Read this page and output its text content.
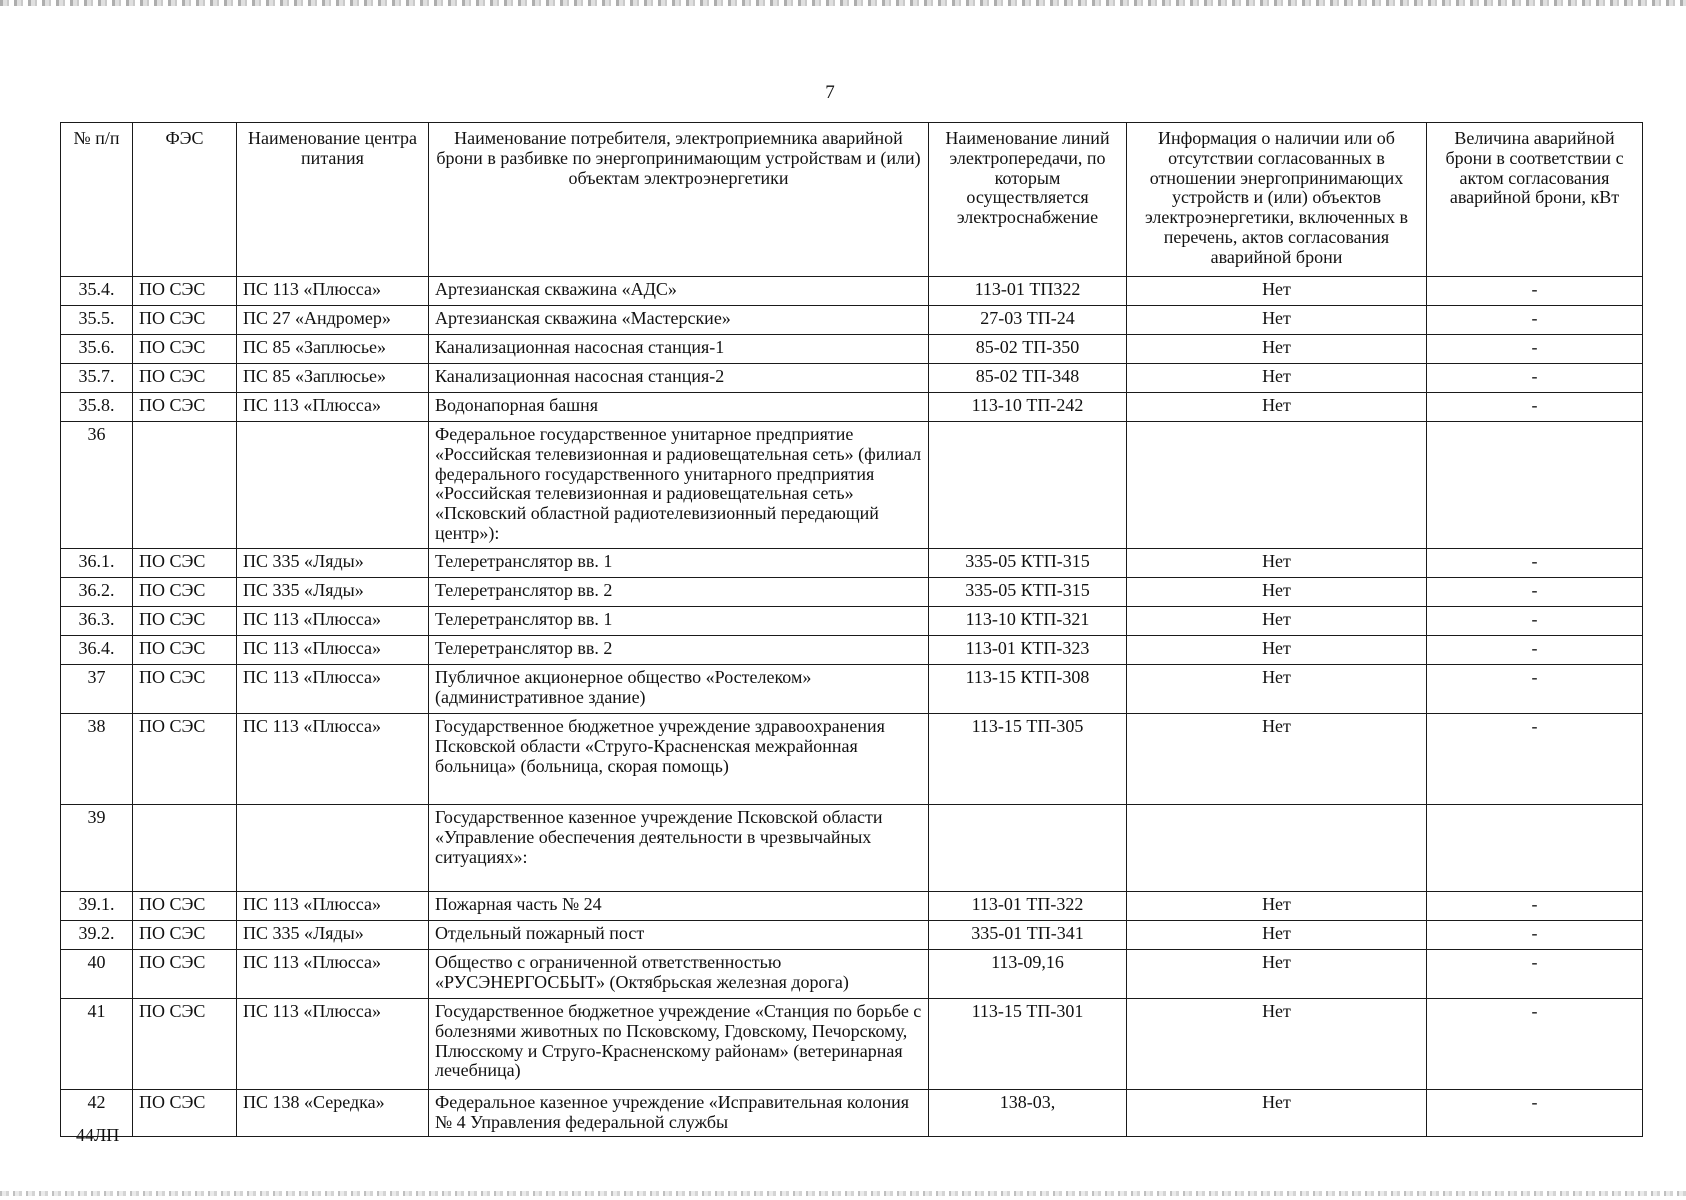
7
№ п/п	ФЭС	Наименование центра питания	Наименование потребителя, электроприемника аварийной брони в разбивке по энергопринимающим устройствам и (или) объектам электроэнергетики	Наименование линий электропередачи, по которым осуществляется электроснабжение	Информация о наличии или об отсутствии согласованных в отношении энергопринимающих устройств и (или) объектов электроэнергетики, включенных в перечень, актов согласования аварийной брони	Величина аварийной брони в соответствии с актом согласования аварийной брони, кВт
35.4.	ПО СЭС	ПС 113 «Плюсса»	Артезианская скважина «АДС»	113-01 ТП322	Нет	-
35.5.	ПО СЭС	ПС 27 «Андромер»	Артезианская скважина «Мастерские»	27-03 ТП-24	Нет	-
35.6.	ПО СЭС	ПС 85 «Заплюсье»	Канализационная насосная станция-1	85-02 ТП-350	Нет	-
35.7.	ПО СЭС	ПС 85 «Заплюсье»	Канализационная насосная станция-2	85-02 ТП-348	Нет	-
35.8.	ПО СЭС	ПС 113 «Плюсса»	Водонапорная башня	113-10 ТП-242	Нет	-
36			Федеральное государственное унитарное предприятие «Российская телевизионная и радиовещательная сеть» (филиал федерального государственного унитарного предприятия «Российская телевизионная и радиовещательная сеть» «Псковский областной радиотелевизионный передающий центр»):			
36.1.	ПО СЭС	ПС 335 «Ляды»	Телеретранслятор вв. 1	335-05 КТП-315	Нет	-
36.2.	ПО СЭС	ПС 335 «Ляды»	Телеретранслятор вв. 2	335-05 КТП-315	Нет	-
36.3.	ПО СЭС	ПС 113 «Плюсса»	Телеретранслятор вв. 1	113-10 КТП-321	Нет	-
36.4.	ПО СЭС	ПС 113 «Плюсса»	Телеретранслятор вв. 2	113-01 КТП-323	Нет	-
37	ПО СЭС	ПС 113 «Плюсса»	Публичное акционерное общество «Ростелеком» (административное здание)	113-15 КТП-308	Нет	-
38	ПО СЭС	ПС 113 «Плюсса»	Государственное бюджетное учреждение здравоохранения Псковской области «Струго-Красненская межрайонная больница» (больница, скорая помощь)	113-15 ТП-305	Нет	-
39			Государственное казенное учреждение Псковской области «Управление обеспечения деятельности в чрезвычайных ситуациях»:			
39.1.	ПО СЭС	ПС 113 «Плюсса»	Пожарная часть № 24	113-01 ТП-322	Нет	-
39.2.	ПО СЭС	ПС 335 «Ляды»	Отдельный пожарный пост	335-01 ТП-341	Нет	-
40	ПО СЭС	ПС 113 «Плюсса»	Общество с ограниченной ответственностью «РУСЭНЕРГОСБЫТ» (Октябрьская железная дорога)	113-09,16	Нет	-
41	ПО СЭС	ПС 113 «Плюсса»	Государственное бюджетное учреждение «Станция по борьбе с болезнями животных по Псковскому, Гдовскому, Печорскому, Плюсскому и Струго-Красненскому районам» (ветеринарная лечебница)	113-15 ТП-301	Нет	-
42	ПО СЭС	ПС 138 «Середка»	Федеральное казенное учреждение «Исправительная колония № 4 Управления федеральной службы	138-03,	Нет	-
44ЛП
